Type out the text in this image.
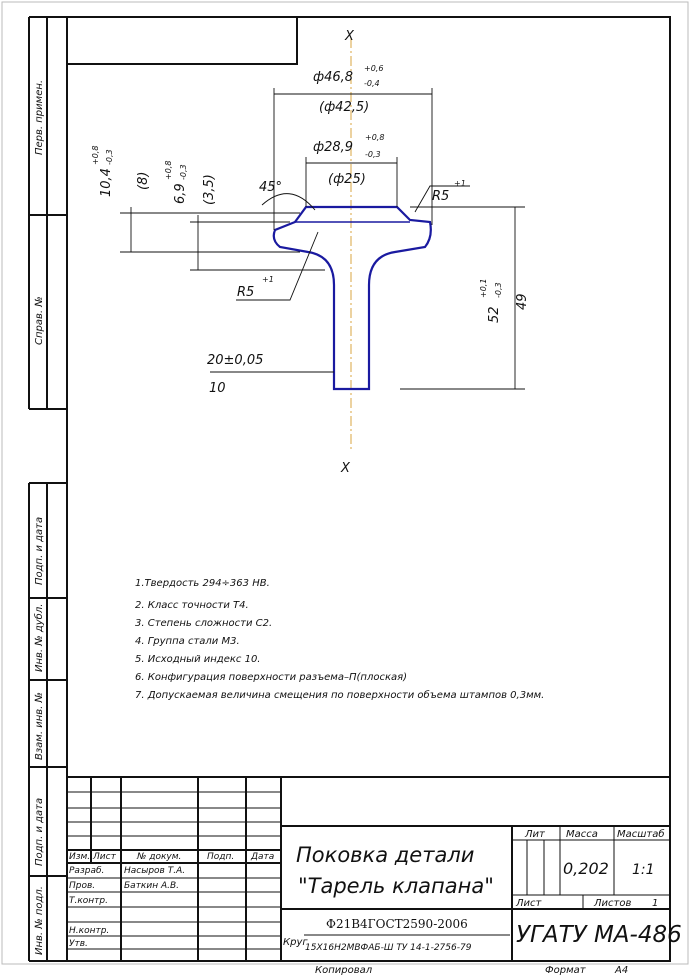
Перв. примен.
Справ. №
Подп. и дата
Инв. № дубл.
Взам. инв. №
Подп. и дата
Инв. № подл.
X
X
ф46,8
+0,6
-0,4
(ф42,5)
ф28,9
+0,8
-0,3
(ф25)
10,4
+0,8 -0,3
(8)
6,9
+0,8 -0,3
(3,5)	45°
R5
+1
R5
+1
52
+0,1 -0,3
49
20±0,05
10
1.Твердость 294÷363 НВ.
2. Класс точности Т4.
3. Степень сложности С2.
4. Группа стали М3.
5. Исходный индекс 10.
6. Конфигурация поверхности разъема–П(плоская)
7. Допускаемая величина смещения по поверхности объема штампов 0,3мм.
Изм. Лист № докум.	Подп. Дата
Разраб. Насыров Т.А.
Пров.	Баткин А.В.
Т.контр.
Н.контр.
Утв.
Поковка детали
"Тарель клапана"
Лит Масса Масштаб
0,202 1:1
Лист	Листов 1
Круг
Ф21В4ГОСТ2590-2006
15Х16Н2МВФАБ-Ш ТУ 14-1-2756-79 УГАТУ МА-486
Копировал	Формат	А4
